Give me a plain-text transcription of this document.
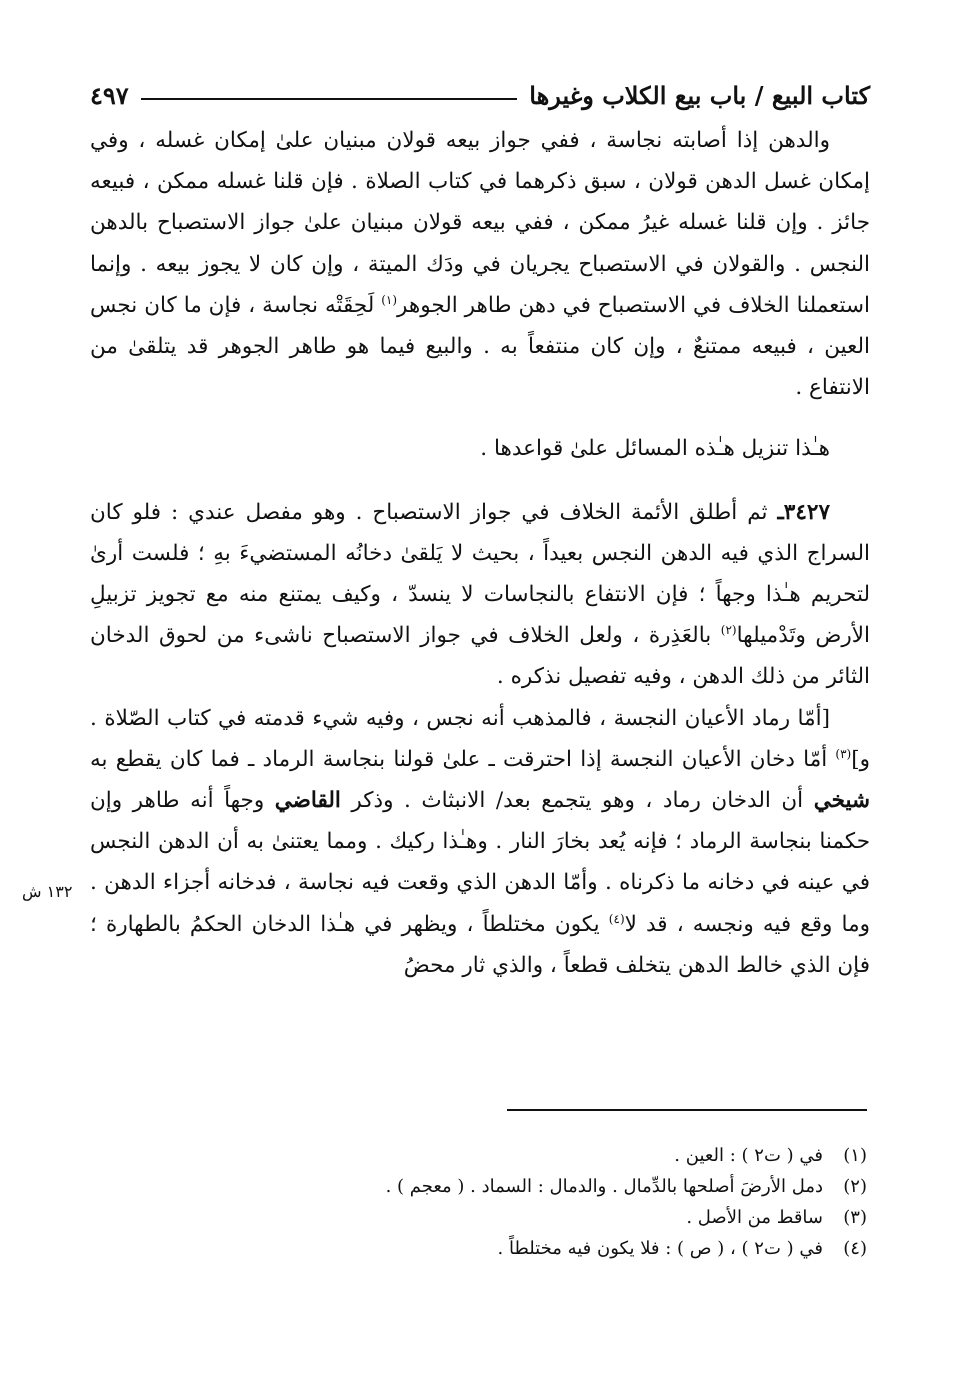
كتاب البيع / باب بيع الكلاب وغيرها
٤٩٧

والدهن إذا أصابته نجاسة ، ففي جواز بيعه قولان مبنيان علىٰ إمكان غسله ، وفي إمكان غسل الدهن قولان ، سبق ذكرهما في كتاب الصلاة . فإن قلنا غسله ممكن ، فبيعه جائز . وإن قلنا غسله غيرُ ممكن ، ففي بيعه قولان مبنيان علىٰ جواز الاستصباح بالدهن النجس . والقولان في الاستصباح يجريان في ودَك الميتة ، وإن كان لا يجوز بيعه . وإنما استعملنا الخلاف في الاستصباح في دهن طاهر الجوهر$^{(١)}$ لَحِقَتْه نجاسة ، فإن ما كان نجس العين ، فبيعه ممتنعٌ ، وإن كان منتفعاً به . والبيع فيما هو طاهر الجوهر قد يتلقىٰ من الانتفاع .

هـٰذا تنزيل هـٰذه المسائل علىٰ قواعدها .

٣٤٢٧ـ ثم أطلق الأئمة الخلاف في جواز الاستصباح . وهو مفصل عندي : فلو كان السراج الذي فيه الدهن النجس بعيداً ، بحيث لا يَلقىٰ دخانُه المستضيءَ بهِ ؛ فلست أرىٰ لتحريم هـٰذا وجهاً ؛ فإن الانتفاع بالنجاسات لا ينسدّ ، وكيف يمتنع منه مع تجويز تزبيلِ الأرض وتَدْميلها$^{(٢)}$ بالعَذِرة ، ولعل الخلاف في جواز الاستصباح ناشىء من لحوق الدخان الثائر من ذلك الدهن ، وفيه تفصيل نذكره .

[أمّا رماد الأعيان النجسة ، فالمذهب أنه نجس ، وفيه شيء قدمته في كتاب الصّلاة . و]$^{(٣)}$ أمّا دخان الأعيان النجسة إذا احترقت ـ علىٰ قولنا بنجاسة الرماد ـ فما كان يقطع به شيخي أن الدخان رماد ، وهو يتجمع بعد/ الانبثاث . وذكر القاضي وجهاً أنه طاهر وإن حكمنا بنجاسة الرماد ؛ فإنه يُعد بخارَ النار . وهـٰذا ركيك . ومما يعتنىٰ به أن الدهن النجس في عينه في دخانه ما ذكرناه . وأمّا الدهن الذي وقعت فيه نجاسة ، فدخانه أجزاء الدهن . وما وقع فيه ونجسه ، قد لا$^{(٤)}$ يكون مختلطاً ، ويظهر في هـٰذا الدخان الحكمُ بالطهارة ؛ فإن الذي خالط الدهن يتخلف قطعاً ، والذي ثار محضُ

١٣٢ ش
(١)
في ( ت٢ ) : العين .
(٢)
دمل الأرضَ أصلحها بالدِّمال . والدمال : السماد . ( معجم ) .
(٣)
ساقط من الأصل .
(٤)
في ( ت٢ ) ، ( ص ) : فلا يكون فيه مختلطاً .
